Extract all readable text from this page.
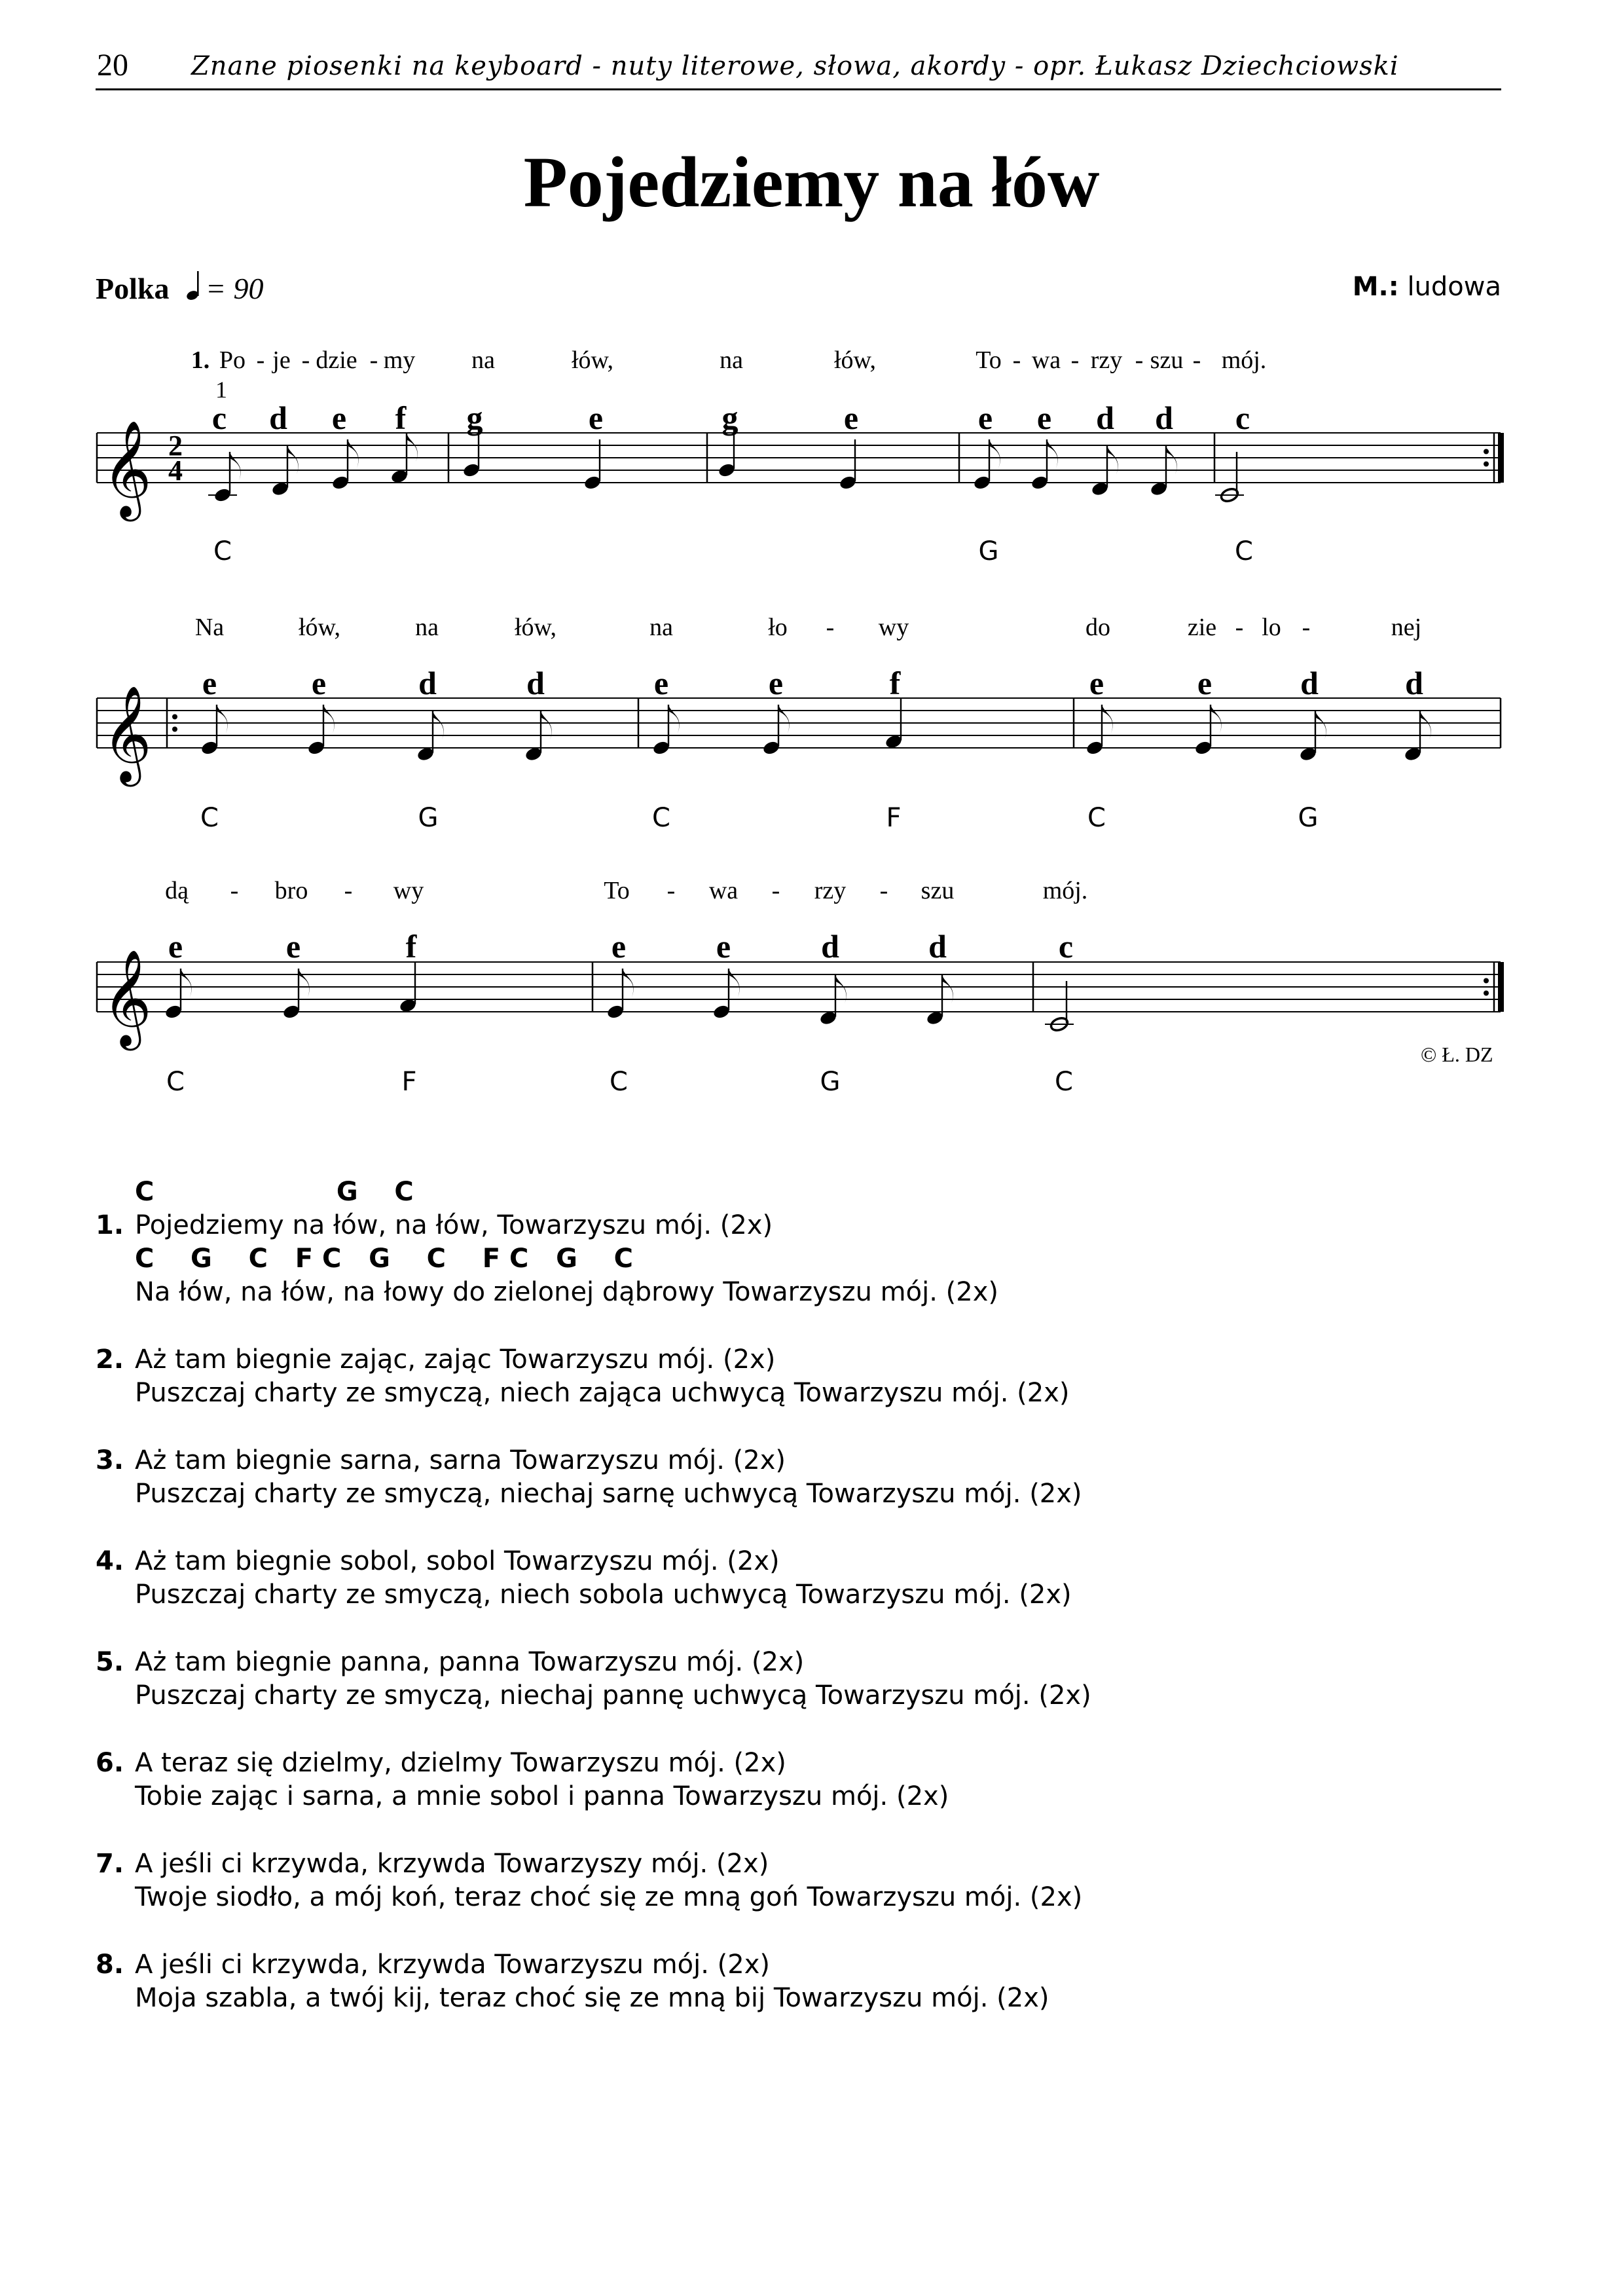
20 Znane piosenki na keyboard - nuty literowe, słowa, akordy - opr. Łukasz Dziechciowski
Pojedziemy na łów
Polka = 90	M.: ludowa
𝄞 2
4
c d e f g	e	g	e	e e d d c
1.
1
Po - je - dzie - my na	łów,	na	łów,	To - wa - rzy - szu - mój.
C	G	C
𝄞
e	e	d	d	e	e	f	e	e	d	d
Na	łów,	na	łów,	na	ło - wy	do	zie - lo -	nej
C	G	C	F	C	G
𝄞
e	e	f	e	e	d	d	c
dą - bro - wy	To - wa - rzy - szu	mój.
C	F	C	G	C
© Ł. DZ
C                    G    C
1. Pojedziemy na łów, na łów, Towarzyszu mój. (2x)
C    G    C   F C   G    C    F C   G    C
Na łów, na łów, na łowy do zielonej dąbrowy Towarzyszu mój. (2x)
2. Aż tam biegnie zając, zając Towarzyszu mój. (2x)
Puszczaj charty ze smyczą, niech zająca uchwycą Towarzyszu mój. (2x)
3. Aż tam biegnie sarna, sarna Towarzyszu mój. (2x)
Puszczaj charty ze smyczą, niechaj sarnę uchwycą Towarzyszu mój. (2x)
4. Aż tam biegnie sobol, sobol Towarzyszu mój. (2x)
Puszczaj charty ze smyczą, niech sobola uchwycą Towarzyszu mój. (2x)
5. Aż tam biegnie panna, panna Towarzyszu mój. (2x)
Puszczaj charty ze smyczą, niechaj pannę uchwycą Towarzyszu mój. (2x)
6. A teraz się dzielmy, dzielmy Towarzyszu mój. (2x)
Tobie zając i sarna, a mnie sobol i panna Towarzyszu mój. (2x)
7. A jeśli ci krzywda, krzywda Towarzyszy mój. (2x)
Twoje siodło, a mój koń, teraz choć się ze mną goń Towarzyszu mój. (2x)
8. A jeśli ci krzywda, krzywda Towarzyszu mój. (2x)
Moja szabla, a twój kij, teraz choć się ze mną bij Towarzyszu mój. (2x)
